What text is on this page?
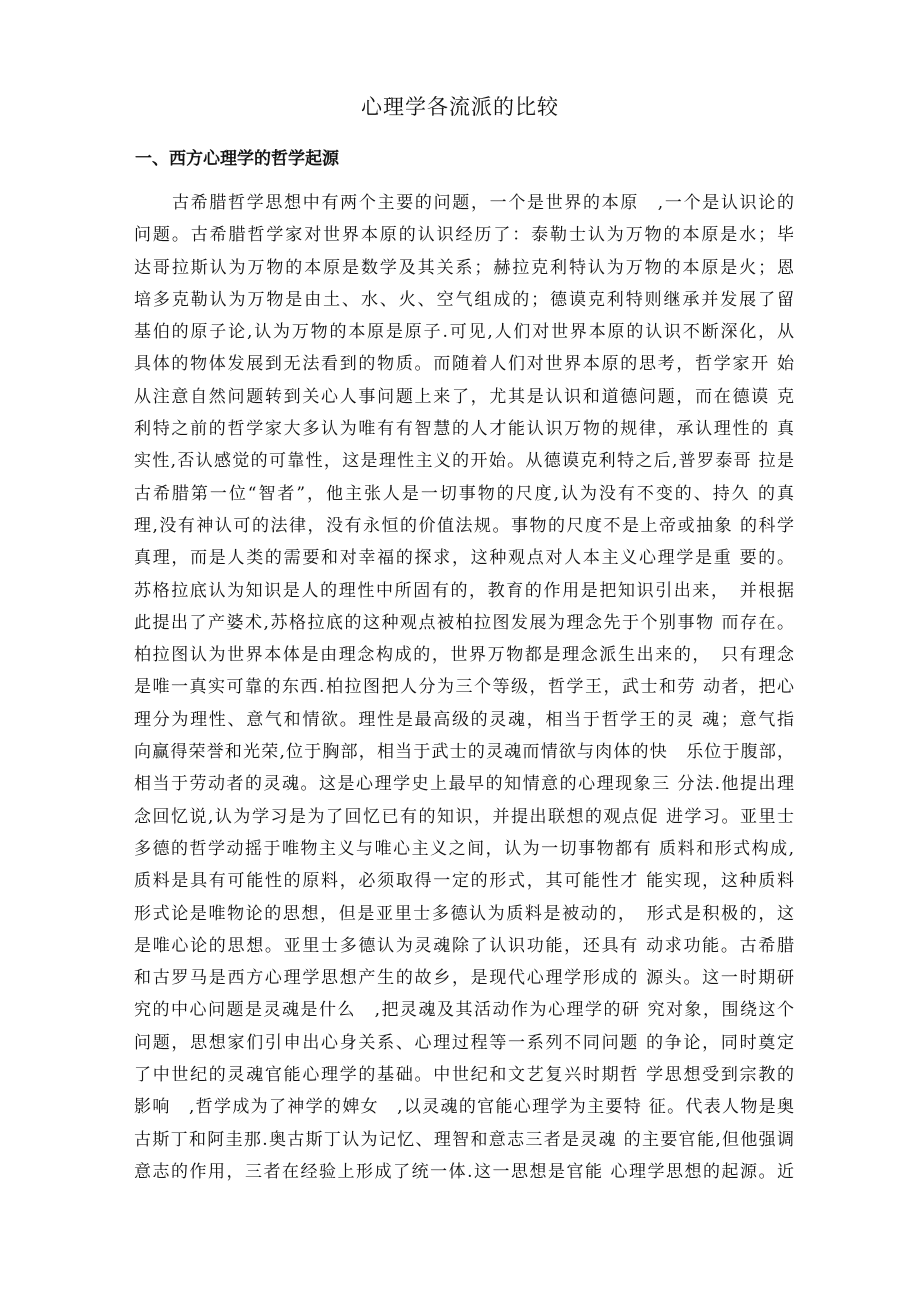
心理学各流派的比较
一、西方心理学的哲学起源
古希腊哲学思想中有两个主要的问题，一个是世界的本原　,一个是认识论的
问题。古希腊哲学家对世界本原的认识经历了：泰勒士认为万物的本原是水；毕
达哥拉斯认为万物的本原是数学及其关系；赫拉克利特认为万物的本原是火；恩
培多克勒认为万物是由土、水、火、空气组成的；德谟克利特则继承并发展了留
基伯的原子论,认为万物的本原是原子.可见,人们对世界本原的认识不断深化，从
具体的物体发展到无法看到的物质。而随着人们对世界本原的思考，哲学家开 始
从注意自然问题转到关心人事问题上来了，尤其是认识和道德问题，而在德谟 克
利特之前的哲学家大多认为唯有有智慧的人才能认识万物的规律，承认理性的 真
实性,否认感觉的可靠性，这是理性主义的开始。从德谟克利特之后,普罗泰哥 拉是
古希腊第一位“智者”，他主张人是一切事物的尺度,认为没有不变的、持久 的真
理,没有神认可的法律，没有永恒的价值法规。事物的尺度不是上帝或抽象 的科学
真理，而是人类的需要和对幸福的探求，这种观点对人本主义心理学是重 要的。
苏格拉底认为知识是人的理性中所固有的，教育的作用是把知识引出来，　并根据
此提出了产婆术,苏格拉底的这种观点被柏拉图发展为理念先于个别事物 而存在。
柏拉图认为世界本体是由理念构成的，世界万物都是理念派生出来的，　只有理念
是唯一真实可靠的东西.柏拉图把人分为三个等级，哲学王，武士和劳 动者，把心
理分为理性、意气和情欲。理性是最高级的灵魂，相当于哲学王的灵 魂；意气指
向赢得荣誉和光荣,位于胸部，相当于武士的灵魂而情欲与肉体的快　乐位于腹部，
相当于劳动者的灵魂。这是心理学史上最早的知情意的心理现象三 分法.他提出理
念回忆说,认为学习是为了回忆已有的知识，并提出联想的观点促 进学习。亚里士
多德的哲学动摇于唯物主义与唯心主义之间，认为一切事物都有 质料和形式构成,
质料是具有可能性的原料，必须取得一定的形式，其可能性才 能实现，这种质料
形式论是唯物论的思想，但是亚里士多德认为质料是被动的，　形式是积极的，这
是唯心论的思想。亚里士多德认为灵魂除了认识功能，还具有 动求功能。古希腊
和古罗马是西方心理学思想产生的故乡，是现代心理学形成的 源头。这一时期研
究的中心问题是灵魂是什么　,把灵魂及其活动作为心理学的研 究对象，围绕这个
问题，思想家们引申出心身关系、心理过程等一系列不同问题 的争论，同时奠定
了中世纪的灵魂官能心理学的基础。中世纪和文艺复兴时期哲 学思想受到宗教的
影响　,哲学成为了神学的婢女　,以灵魂的官能心理学为主要特 征。代表人物是奥
古斯丁和阿圭那.奥古斯丁认为记忆、理智和意志三者是灵魂 的主要官能,但他强调
意志的作用，三者在经验上形成了统一体.这一思想是官能 心理学思想的起源。近
